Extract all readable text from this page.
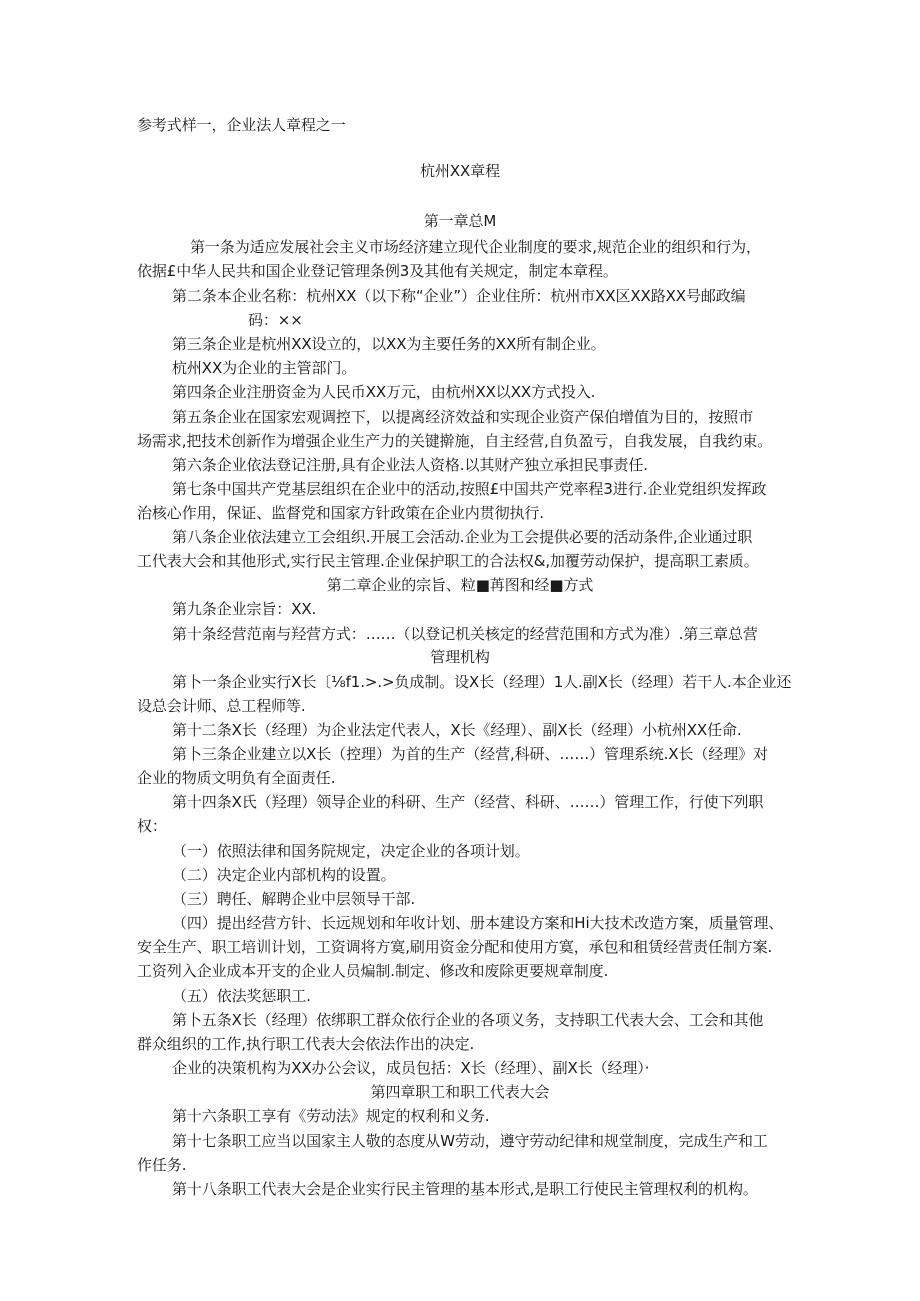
参考式样一，企业法人章程之一
杭州XX章程
第一章总M
第一条为适应发展社会主义市场经济建立现代企业制度的要求,规范企业的组织和行为，
依据£中华人民共和国企业登记管理条例3及其他有关规定，制定本章程。
第二条本企业名称：杭州XX（以下称“企业”）企业住所：杭州市XX区XX路XX号邮政编
码：××
第三条企业是杭州XX设立的，以XX为主要任务的XX所有制企业。
杭州XX为企业的主管部门。
第四条企业注册资金为人民币XX万元，由杭州XX以XX方式投入.
第五条企业在国家宏观调控下，以提离经济效益和实现企业资产保伯增值为目的，按照市
场需求,把技术创新作为增强企业生产力的关键擀施，自主经营,自负盈亏，自我发展，自我约束。
第六条企业依法登记注册,具有企业法人资格.以其财产独立承担民事责任.
第七条中国共产党基层组织在企业中的活动,按照£中国共产党率程3进行.企业党组织发挥政
治核心作用，保证、监督党和国家方针政策在企业内贯彻执行.
第八条企业依法建立工会组织.开展工会活动.企业为工会提供必要的活动条件,企业通过职
工代表大会和其他形式,实行民主管理.企业保护职工的合法权&,加覆劳动保护，提高职工素质。
第二章企业的宗旨、粒■苒图和经■方式
第九条企业宗旨：XX.
第十条经营范南与羟营方式：……（以登记机关核定的经营范围和方式为准）.第三章总营
管理机构
第卜一条企业实行X长〔⅛f1.>.>负成制。设X长（经理）1人.副X长（经理）若干人.本企业还
设总会计师、总工程师等.
第十二条X长（经理）为企业法定代表人，X长《经理）、副X长（经理）小杭州XX任命.
第卜三条企业建立以X长（控理）为首的生产（经营,科研、……）管理系统.X长（经理》对
企业的物质文明负有全面责任.
第十四条X氏（羟理）领导企业的科研、生产（经营、科研、……）管理工作，行使下列职
权：
（一）依照法律和国务院规定，决定企业的各项计划。
（二）决定企业内部机构的设置。
（三）聘任、解聘企业中层领导干部.
（四）提出经营方针、长远规划和年收计划、册本建设方案和Hi大技术改造方案，质量管理、
安全生产、职工培训计划，工资调将方寞,刷用资金分配和使用方寞，承包和租赁经营责任制方案.
工资列入企业成本开支的企业人员煸制.制定、修改和废除更要规章制度.
（五）依法奖惩职工.
第卜五条X长（经理）依绑职工群众依行企业的各项义务，支持职工代表大会、工会和其他
群众组织的工作,执行职工代表大会依法作出的决定.
企业的决策机构为XX办公会议，成员包括：X长（经理）、副X长（经理）·
第四章职工和职工代表大会
第十六条职工享有《劳动法》规定的权利和义务.
第十七条职工应当以国家主人敬的态度从W劳动，遵守劳动纪律和规堂制度，完成生产和工
作任务.
第十八条职工代表大会是企业实行民主管理的基本形式,是职工行使民主管理权利的机构。
